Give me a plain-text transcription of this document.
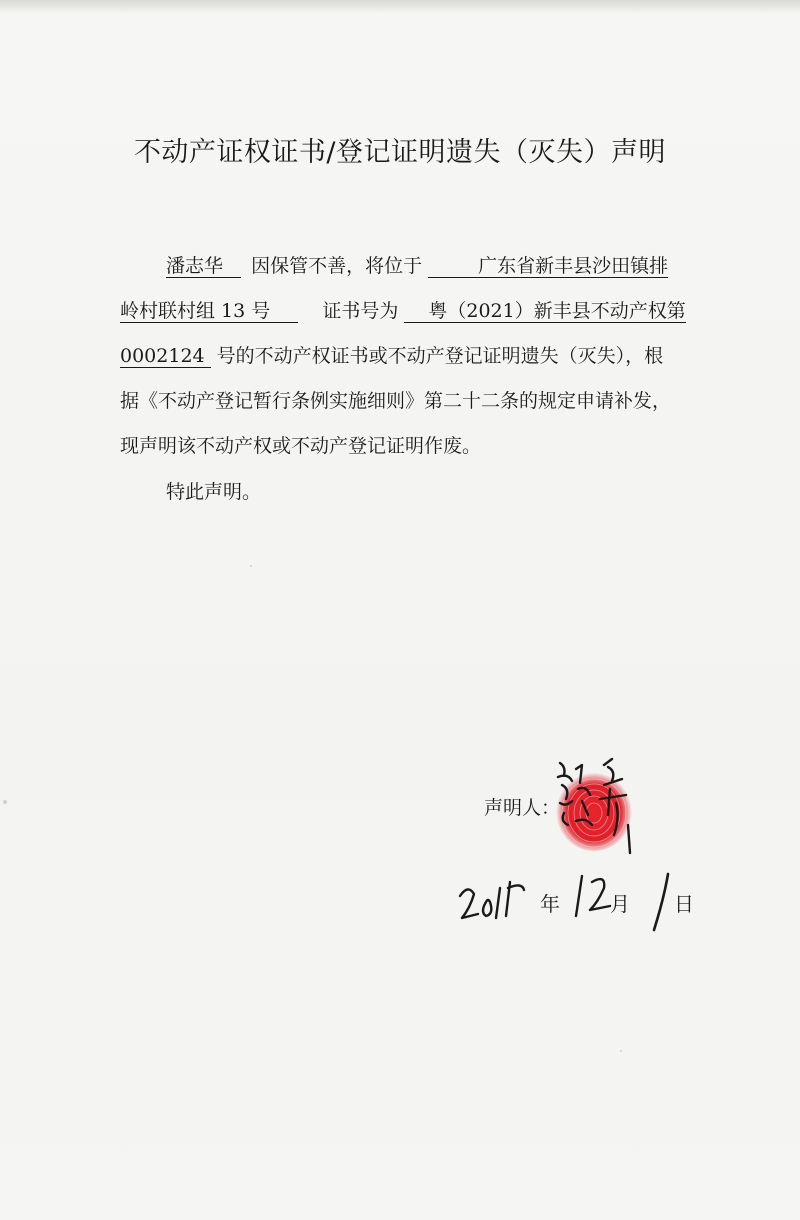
不动产证权证书/登记证明遗失（灭失）声明
潘志华 因保管不善，将位于	广东省新丰县沙田镇排
岭村联村组 13 号	证书号为 粤（2021）新丰县不动产权第
0002124 号的不动产权证书或不动产登记证明遗失（灭失），根
据《不动产登记暂行条例实施细则》第二十二条的规定申请补发，
现声明该不动产权或不动产登记证明作废。
特此声明。
声明人：
年	月 日
